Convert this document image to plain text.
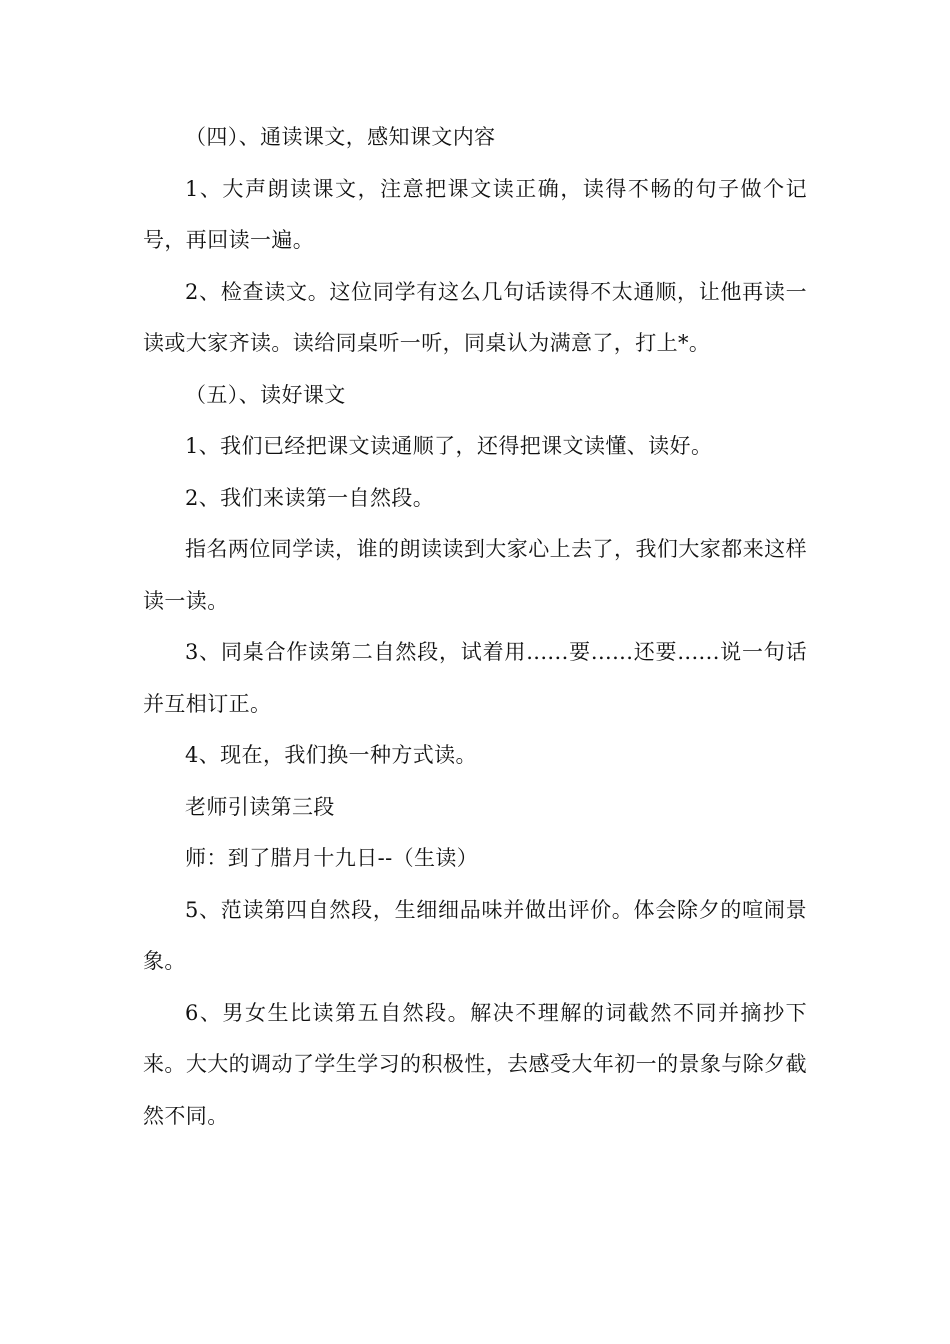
（四）、通读课文，感知课文内容

1、大声朗读课文，注意把课文读正确，读得不畅的句子做个记号，再回读一遍。

2、检查读文。这位同学有这么几句话读得不太通顺，让他再读一读或大家齐读。读给同桌听一听，同桌认为满意了，打上*。

（五）、读好课文

1、我们已经把课文读通顺了，还得把课文读懂、读好。

2、我们来读第一自然段。

指名两位同学读，谁的朗读读到大家心上去了，我们大家都来这样读一读。

3、同桌合作读第二自然段，试着用......要......还要......说一句话并互相订正。

4、现在，我们换一种方式读。

老师引读第三段

师：到了腊月十九日--（生读）

5、范读第四自然段，生细细品味并做出评价。体会除夕的喧闹景象。

6、男女生比读第五自然段。解决不理解的词截然不同并摘抄下来。大大的调动了学生学习的积极性，去感受大年初一的景象与除夕截然不同。
